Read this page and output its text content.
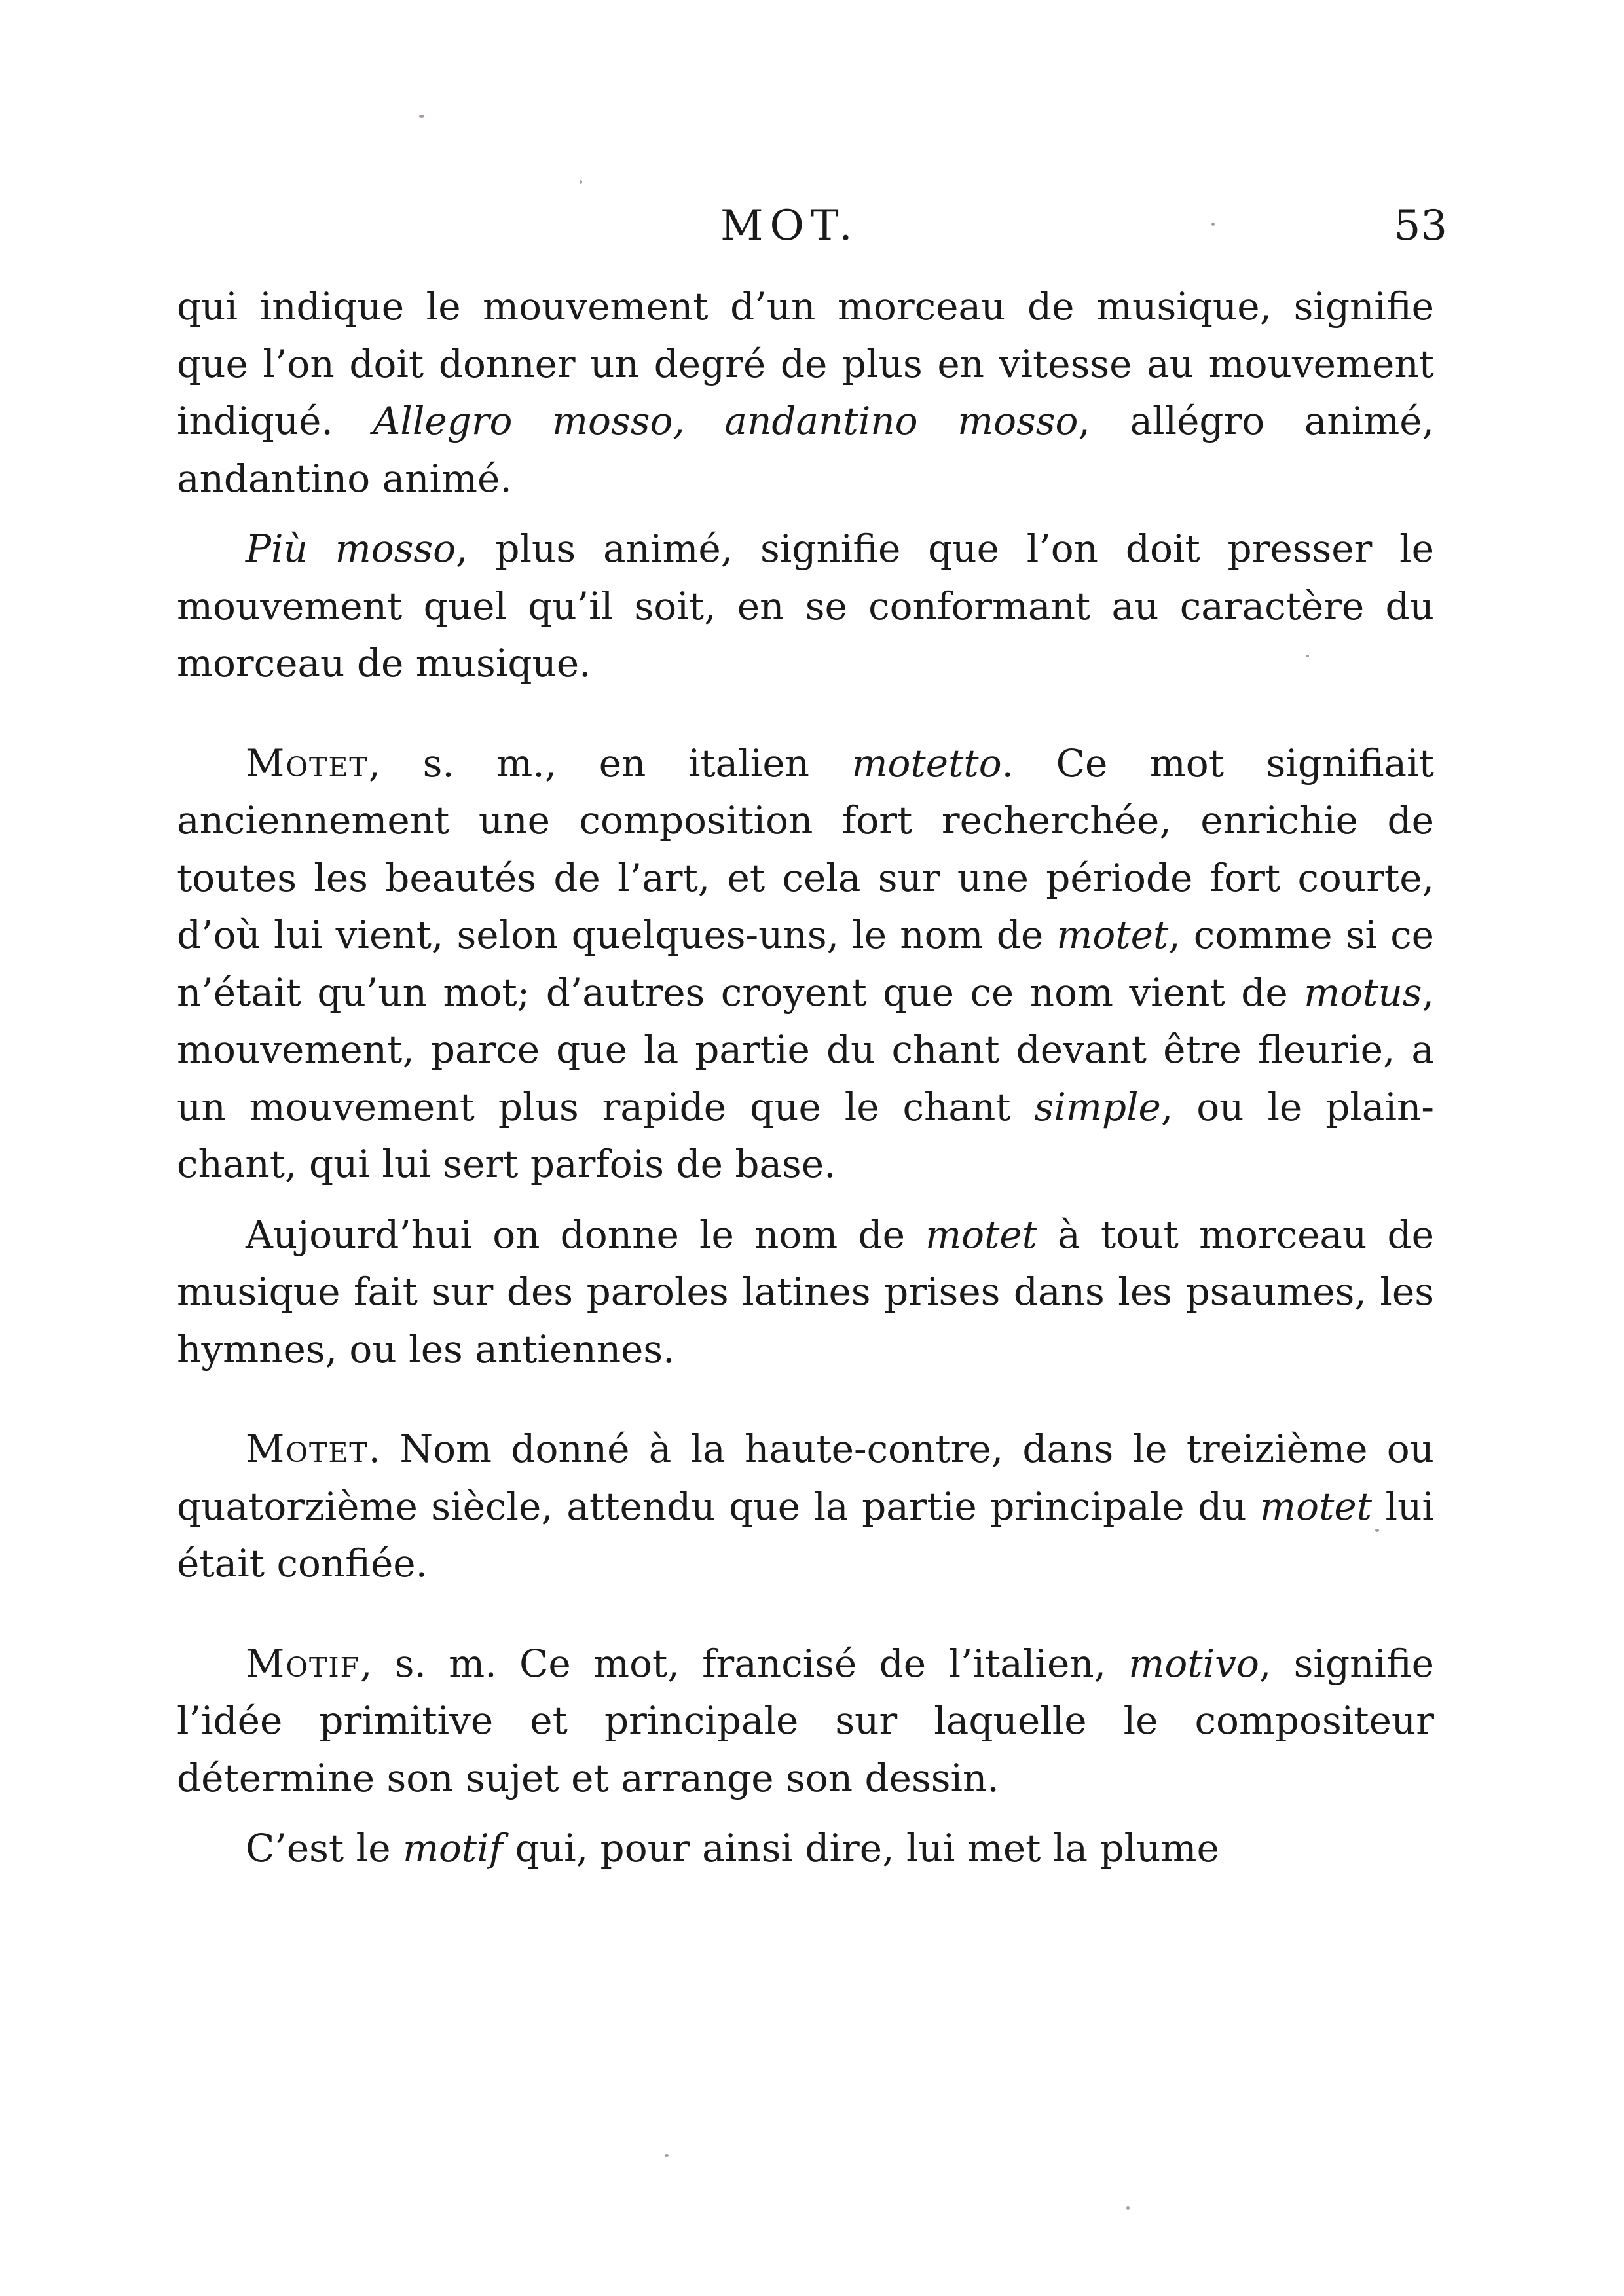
MOT.	53

qui indique le mouvement d’un morceau de musique, signifie que l’on doit donner un degré de plus en vitesse au mouvement indiqué. Allegro mosso, andantino mosso, allégro animé, andantino animé.

Più mosso, plus animé, signifie que l’on doit presser le mouvement quel qu’il soit, en se conformant au caractère du morceau de musique.

Motet, s. m., en italien motetto. Ce mot signifiait anciennement une composition fort recherchée, enrichie de toutes les beautés de l’art, et cela sur une période fort courte, d’où lui vient, selon quelques-uns, le nom de motet, comme si ce n’était qu’un mot; d’autres croyent que ce nom vient de motus, mouvement, parce que la partie du chant devant être fleurie, a un mouvement plus rapide que le chant simple, ou le plain-chant, qui lui sert parfois de base.

Aujourd’hui on donne le nom de motet à tout morceau de musique fait sur des paroles latines prises dans les psaumes, les hymnes, ou les antiennes.

Motet. Nom donné à la haute-contre, dans le treizième ou quatorzième siècle, attendu que la partie principale du motet lui était confiée.

Motif, s. m. Ce mot, francisé de l’italien, motivo, signifie l’idée primitive et principale sur laquelle le compositeur détermine son sujet et arrange son dessin.

C’est le motif qui, pour ainsi dire, lui met la plume
